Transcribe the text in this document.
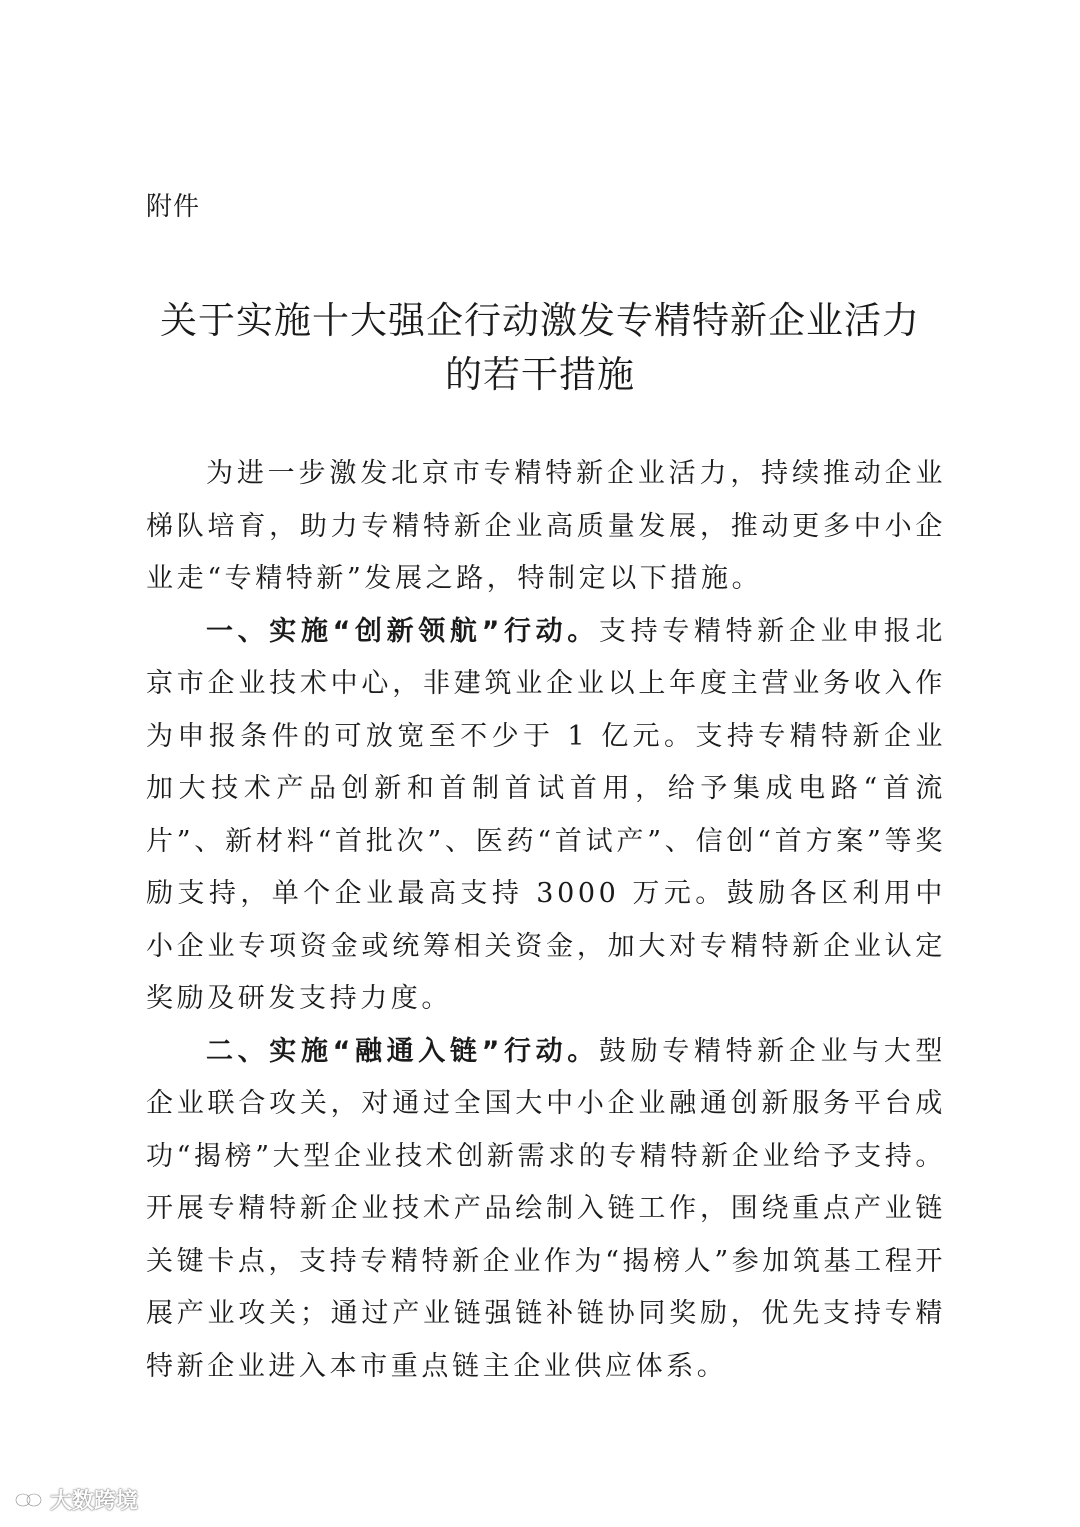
附件
关于实施十大强企行动激发专精特新企业活力
的若干措施

为进一步激发北京市专精特新企业活力，持续推动企业梯队培育，助力专精特新企业高质量发展，推动更多中小企业走“专精特新”发展之路，特制定以下措施。

一、实施“创新领航”行动。支持专精特新企业申报北京市企业技术中心，非建筑业企业以上年度主营业务收入作为申报条件的可放宽至不少于 1 亿元。支持专精特新企业加大技术产品创新和首制首试首用，给予集成电路“首流片”、新材料“首批次”、医药“首试产”、信创“首方案”等奖励支持，单个企业最高支持 3000 万元。鼓励各区利用中小企业专项资金或统筹相关资金，加大对专精特新企业认定奖励及研发支持力度。

二、实施“融通入链”行动。鼓励专精特新企业与大型企业联合攻关，对通过全国大中小企业融通创新服务平台成功“揭榜”大型企业技术创新需求的专精特新企业给予支持。开展专精特新企业技术产品绘制入链工作，围绕重点产业链关键卡点，支持专精特新企业作为“揭榜人”参加筑基工程开展产业攻关；通过产业链强链补链协同奖励，优先支持专精特新企业进入本市重点链主企业供应体系。

大数跨境
